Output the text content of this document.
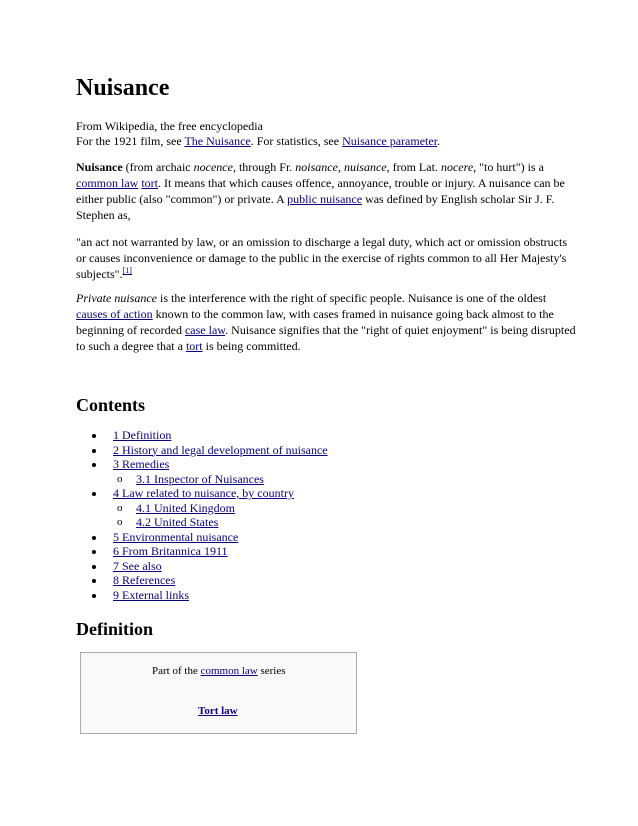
Nuisance

From Wikipedia, the free encyclopedia

For the 1921 film, see The Nuisance. For statistics, see Nuisance parameter.

Nuisance (from archaic nocence, through Fr. noisance, nuisance, from Lat. nocere, "to hurt") is a common law tort. It means that which causes offence, annoyance, trouble or injury. A nuisance can be either public (also "common") or private. A public nuisance was defined by English scholar Sir J. F. Stephen as,

"an act not warranted by law, or an omission to discharge a legal duty, which act or omission obstructs or causes inconvenience or damage to the public in the exercise of rights common to all Her Majesty's subjects".[1]

Private nuisance is the interference with the right of specific people. Nuisance is one of the oldest causes of action known to the common law, with cases framed in nuisance going back almost to the beginning of recorded case law. Nuisance signifies that the "right of quiet enjoyment" is being disrupted to such a degree that a tort is being committed.

Contents
1 Definition
2 History and legal development of nuisance
3 Remedies
o 3.1 Inspector of Nuisances
4 Law related to nuisance, by country
o 4.1 United Kingdom
o 4.2 United States
5 Environmental nuisance
6 From Britannica 1911
7 See also
8 References
9 External links
Definition
Part of the common law series
Tort law
